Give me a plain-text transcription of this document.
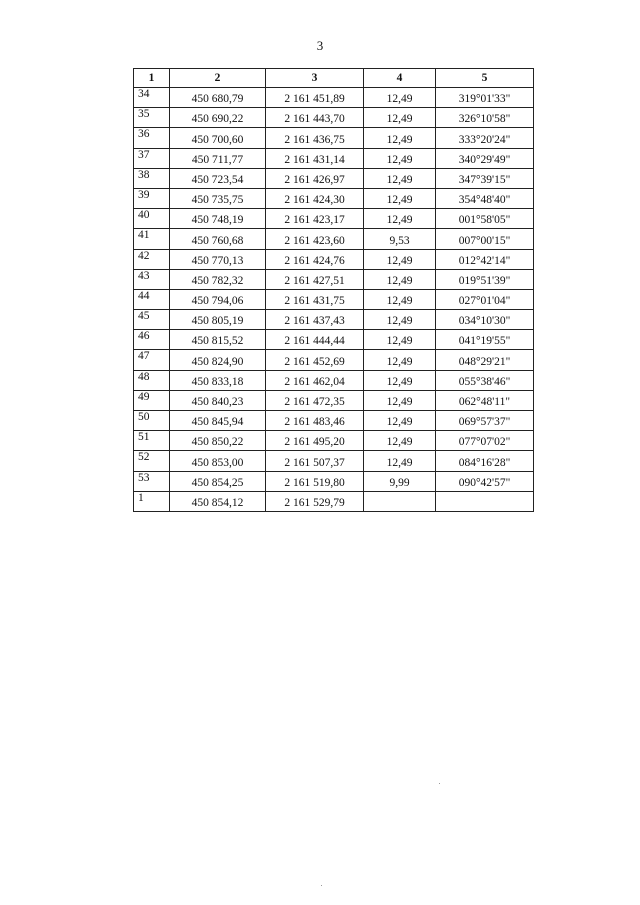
3
1	2	3	4	5
34	450 680,79	2 161 451,89	12,49	319°01'33"
35	450 690,22	2 161 443,70	12,49	326°10'58"
36	450 700,60	2 161 436,75	12,49	333°20'24"
37	450 711,77	2 161 431,14	12,49	340°29'49"
38	450 723,54	2 161 426,97	12,49	347°39'15"
39	450 735,75	2 161 424,30	12,49	354°48'40"
40	450 748,19	2 161 423,17	12,49	001°58'05"
41	450 760,68	2 161 423,60	9,53	007°00'15"
42	450 770,13	2 161 424,76	12,49	012°42'14"
43	450 782,32	2 161 427,51	12,49	019°51'39"
44	450 794,06	2 161 431,75	12,49	027°01'04"
45	450 805,19	2 161 437,43	12,49	034°10'30"
46	450 815,52	2 161 444,44	12,49	041°19'55"
47	450 824,90	2 161 452,69	12,49	048°29'21"
48	450 833,18	2 161 462,04	12,49	055°38'46"
49	450 840,23	2 161 472,35	12,49	062°48'11"
50	450 845,94	2 161 483,46	12,49	069°57'37"
51	450 850,22	2 161 495,20	12,49	077°07'02"
52	450 853,00	2 161 507,37	12,49	084°16'28"
53	450 854,25	2 161 519,80	9,99	090°42'57"
1	450 854,12	2 161 529,79		
